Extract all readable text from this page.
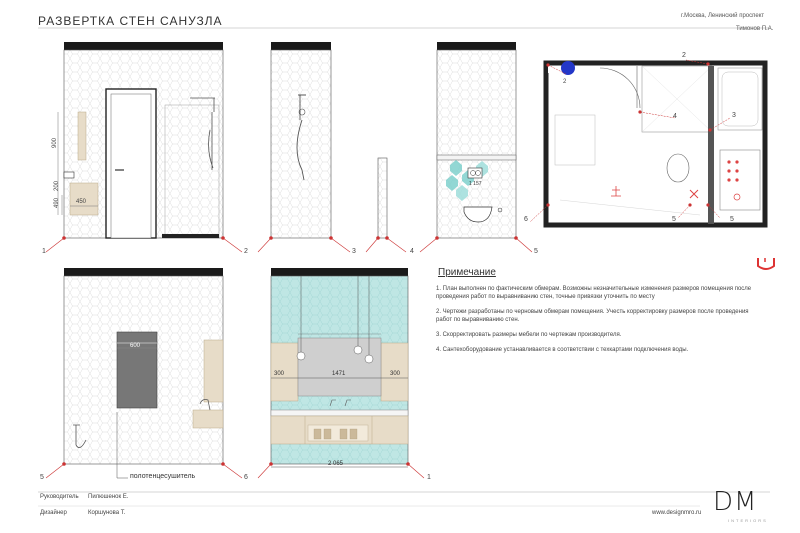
РАЗВЕРТКА СТЕН САНУЗЛА	г.Москва, Ленинский проспект
Тимонов П.А.
900
200
490	450
600
300	1471	300
2 065
1 157
1	2	3	4	5
5	6	1
2
2
3
4
5	5
6
полотенцесушитель
Примечание
1. План выполнен по фактическим обмерам. Возможны незначительные изменения размеров помещения после проведения работ по выравниванию стен, точные привязки уточнить по месту
2. Чертежи разработаны по черновым обмерам помещения. Учесть корректировку размеров после проведения работ по выравниванию стен.
3. Скорректировать размеры мебели по чертежам производителя.
4. Сантехоборудование устанавливается в соответствии с техкартами подключения воды.
Руководитель Пилюшенок Е.
Дизайнер	Коршунова Т.	www.designmro.ru DM
INTERIORS
